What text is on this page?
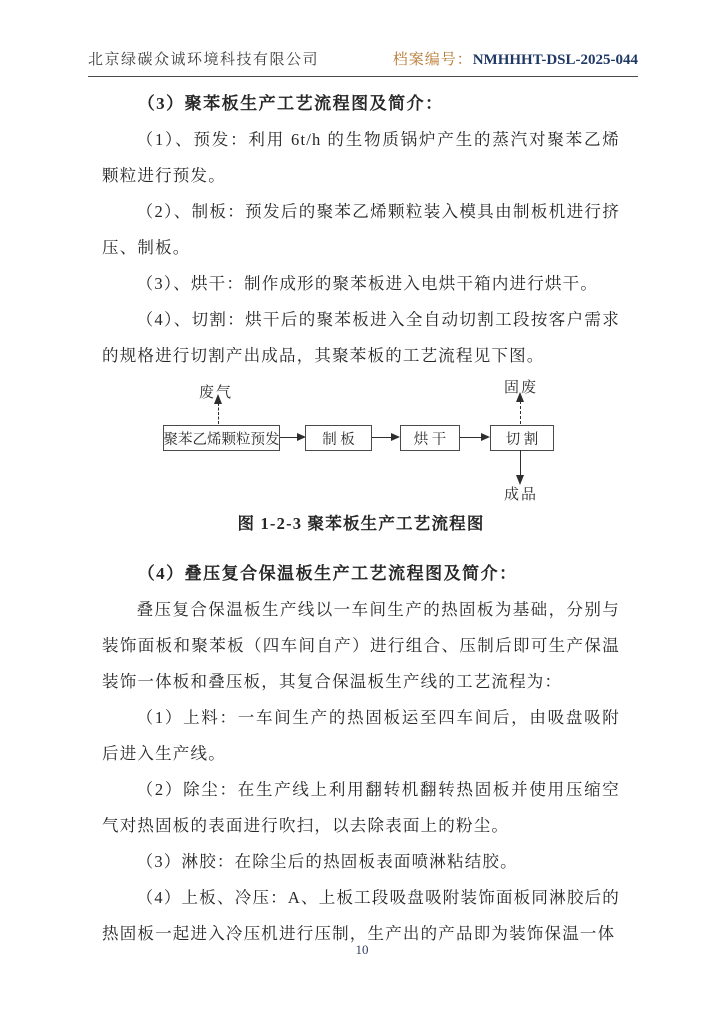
北京绿碳众诚环境科技有限公司	档案编号：NMHHHT-DSL-2025-044

（3）聚苯板生产工艺流程图及简介：

（1）、预发：利用 6t/h 的生物质锅炉产生的蒸汽对聚苯乙烯颗粒进行预发。

（2）、制板：预发后的聚苯乙烯颗粒装入模具由制板机进行挤压、制板。

（3）、烘干：制作成形的聚苯板进入电烘干箱内进行烘干。

（4）、切割：烘干后的聚苯板进入全自动切割工段按客户需求的规格进行切割产出成品，其聚苯板的工艺流程见下图。

废气
聚苯乙烯颗粒预发	制 板	烘 干	切 割
固废
成品

图 1-2-3 聚苯板生产工艺流程图

（4）叠压复合保温板生产工艺流程图及简介：

叠压复合保温板生产线以一车间生产的热固板为基础，分别与装饰面板和聚苯板（四车间自产）进行组合、压制后即可生产保温装饰一体板和叠压板，其复合保温板生产线的工艺流程为：

（1）上料：一车间生产的热固板运至四车间后，由吸盘吸附后进入生产线。

（2）除尘：在生产线上利用翻转机翻转热固板并使用压缩空气对热固板的表面进行吹扫，以去除表面上的粉尘。

（3）淋胶：在除尘后的热固板表面喷淋粘结胶。

（4）上板、冷压：A、上板工段吸盘吸附装饰面板同淋胶后的热固板一起进入冷压机进行压制，生产出的产品即为装饰保温一体

10
